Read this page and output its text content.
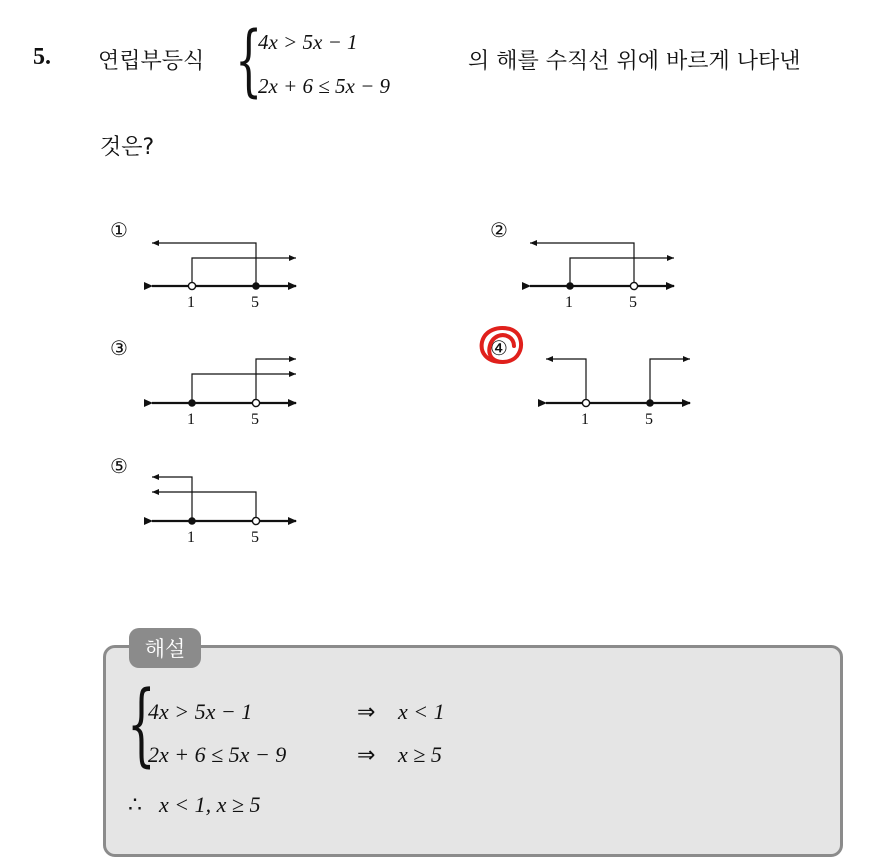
5. 연립부등식 {
4x > 5x − 1
2x + 6 ≤ 5x − 9
의 해를 수직선 위에 바르게 나타낸
것은?
①	②
③	④
⑤
1	5	1	5
1	5	1	5
1	5
해설
{
4x > 5x − 1	⇒ x < 1
2x + 6 ≤ 5x − 9	⇒ x ≥ 5
∴ x < 1, x ≥ 5
